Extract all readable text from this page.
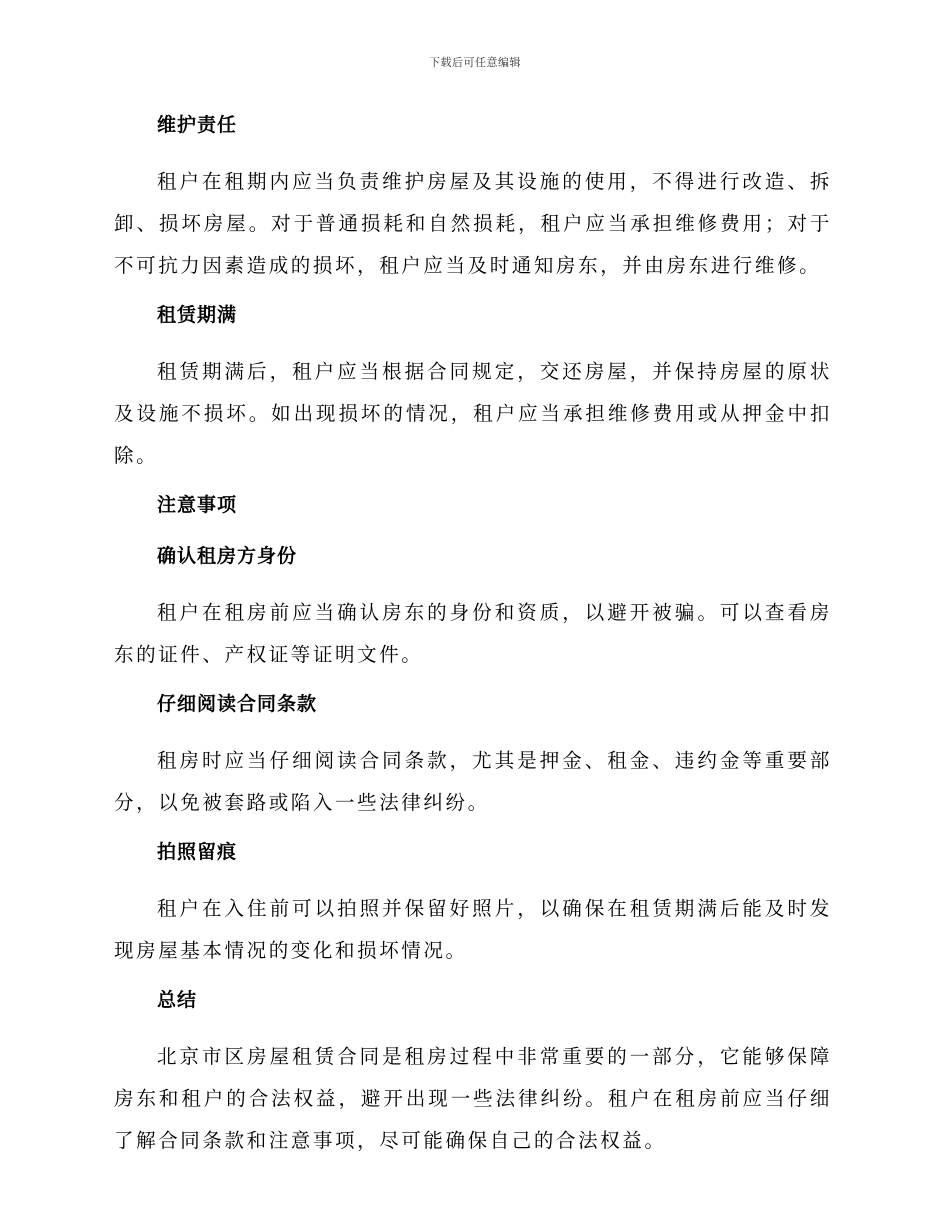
下载后可任意编辑
维护责任

租户在租期内应当负责维护房屋及其设施的使用，不得进行改造、拆卸、损坏房屋。对于普通损耗和自然损耗，租户应当承担维修费用；对于不可抗力因素造成的损坏，租户应当及时通知房东，并由房东进行维修。

租赁期满

租赁期满后，租户应当根据合同规定，交还房屋，并保持房屋的原状及设施不损坏。如出现损坏的情况，租户应当承担维修费用或从押金中扣除。

注意事项
确认租房方身份

租户在租房前应当确认房东的身份和资质，以避开被骗。可以查看房东的证件、产权证等证明文件。

仔细阅读合同条款

租房时应当仔细阅读合同条款，尤其是押金、租金、违约金等重要部分，以免被套路或陷入一些法律纠纷。

拍照留痕

租户在入住前可以拍照并保留好照片，以确保在租赁期满后能及时发现房屋基本情况的变化和损坏情况。

总结

北京市区房屋租赁合同是租房过程中非常重要的一部分，它能够保障房东和租户的合法权益，避开出现一些法律纠纷。租户在租房前应当仔细了解合同条款和注意事项，尽可能确保自己的合法权益。
